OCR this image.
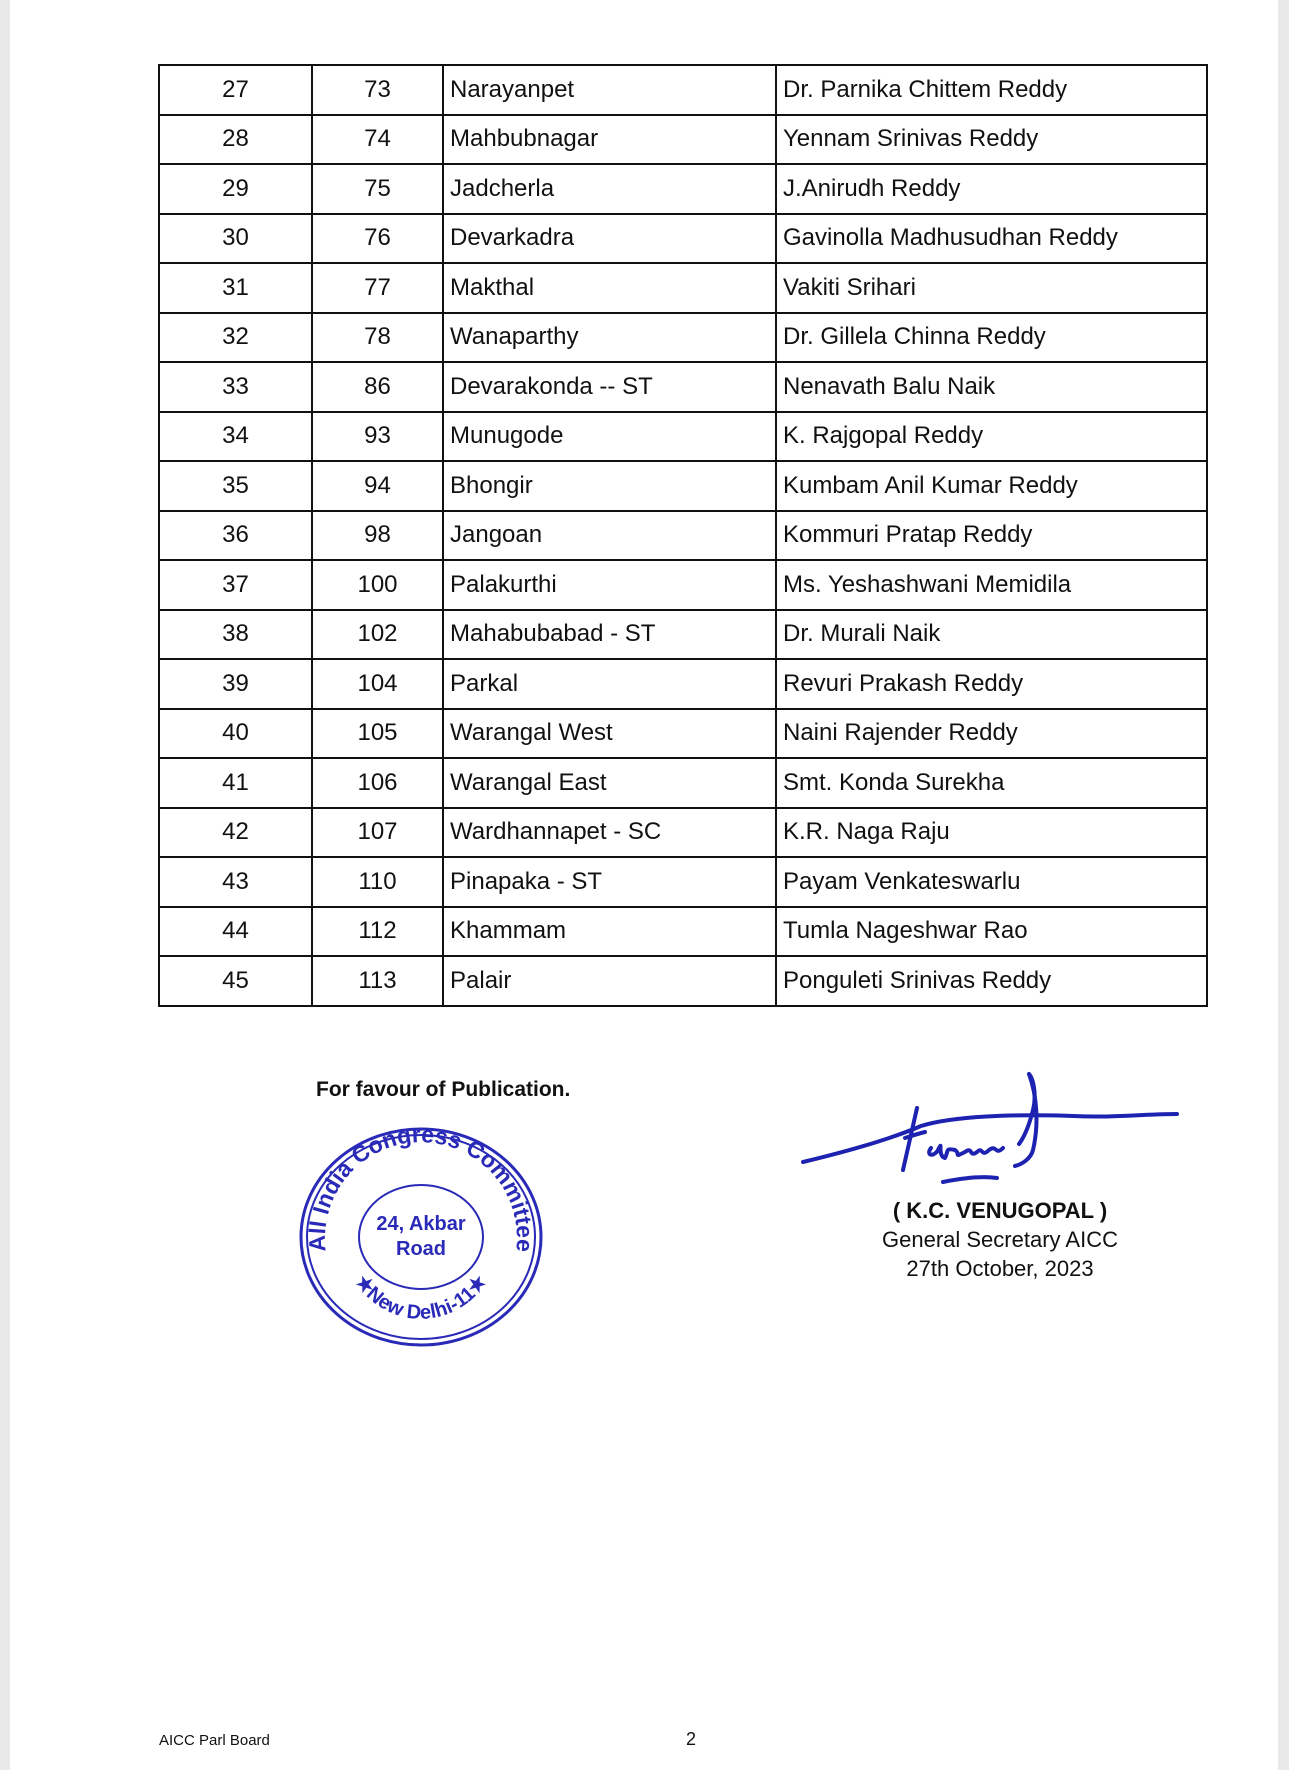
27	73	Narayanpet	Dr. Parnika Chittem Reddy
28	74	Mahbubnagar	Yennam Srinivas Reddy
29	75	Jadcherla	J.Anirudh Reddy
30	76	Devarkadra	Gavinolla Madhusudhan Reddy
31	77	Makthal	Vakiti Srihari
32	78	Wanaparthy	Dr. Gillela Chinna Reddy
33	86	Devarakonda -- ST	Nenavath Balu Naik
34	93	Munugode	K. Rajgopal Reddy
35	94	Bhongir	Kumbam Anil Kumar Reddy
36	98	Jangoan	Kommuri Pratap Reddy
37	100	Palakurthi	Ms. Yeshashwani Memidila
38	102	Mahabubabad - ST	Dr. Murali Naik
39	104	Parkal	Revuri Prakash Reddy
40	105	Warangal West	Naini Rajender Reddy
41	106	Warangal East	Smt. Konda Surekha
42	107	Wardhannapet - SC	K.R. Naga Raju
43	110	Pinapaka - ST	Payam Venkateswarlu
44	112	Khammam	Tumla Nageshwar Rao
45	113	Palair	Ponguleti Srinivas Reddy
For favour of Publication.
All India Congress Committee
★New Delhi-11★
24, Akbar
Road
( K.C. VENUGOPAL )
General Secretary AICC
27th October, 2023
AICC Parl Board	2
